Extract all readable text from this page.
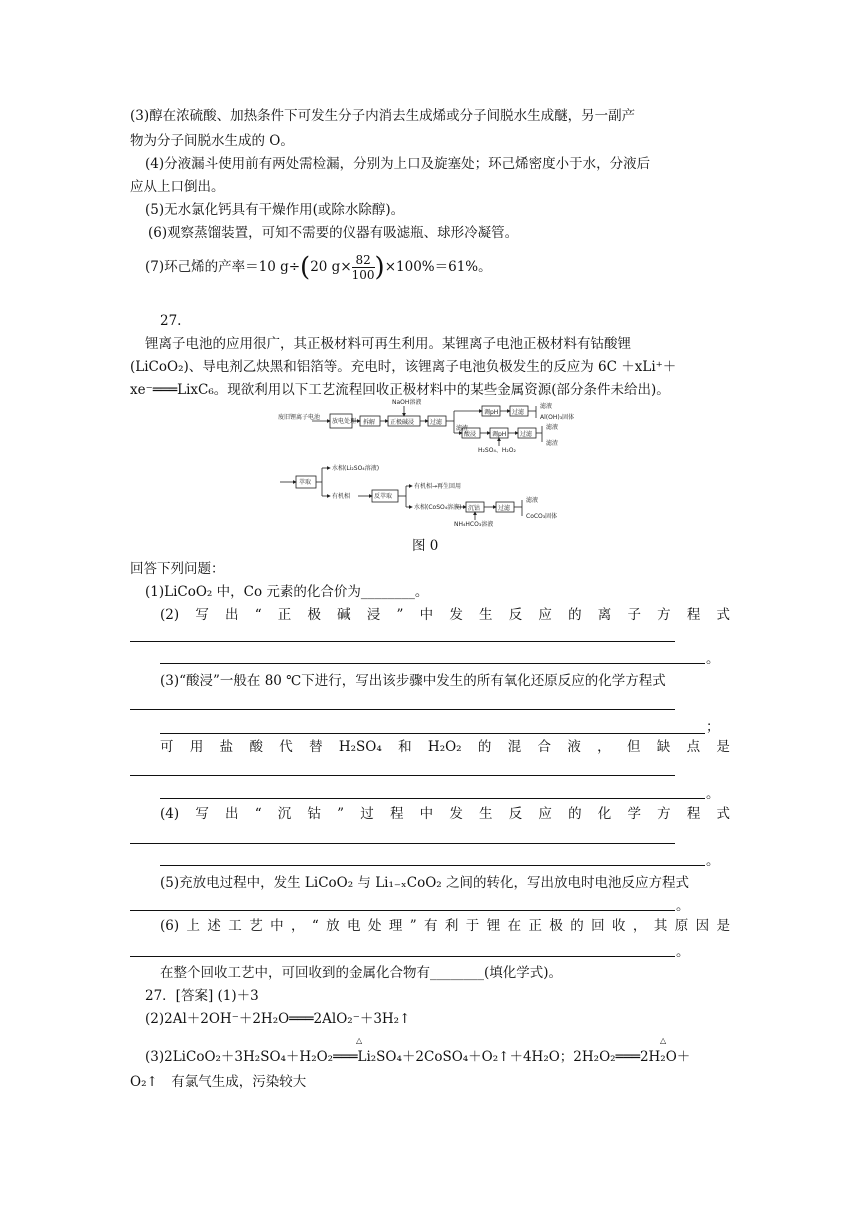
(3)醇在浓硫酸、加热条件下可发生分子内消去生成烯或分子间脱水生成醚，另一副产
物为分子间脱水生成的 O。
(4)分液漏斗使用前有两处需检漏，分别为上口及旋塞处；环己烯密度小于水，分液后
应从上口倒出。
(5)无水氯化钙具有干燥作用(或除水除醇)。
(6)观察蒸馏装置，可知不需要的仪器有吸滤瓶、球形冷凝管。
(7)环己烯的产率＝10 g÷(20 $g\times \frac{82}{100})\times 100\%=61\%$。
27.
锂离子电池的应用很广，其正极材料可再生利用。某锂离子电池正极材料有钴酸锂
(LiCoO₂)、导电剂乙炔黑和铝箔等。充电时，该锂离子电池负极发生的反应为 6C ＋xLi⁺＋
xe⁻═══LixC₆。现欲利用以下工艺流程回收正极材料中的某些金属资源(部分条件未给出)。
废旧锂离子电池
放电处理 拆解 正极碱浸	过滤
NaOH溶液
调pH 过滤
滤液
Al(OH)₃固体
滤渣
酸浸	调pH 过滤
滤液
滤渣
H₂SO₄、H₂O₂
萃取
水相(Li₂SO₄溶液)
有机相	反萃取
有机相→再生回用
水相(CoSO₄溶液) 沉钴	过滤
滤液
CoCO₃固体
NH₄HCO₃溶液
图 0
回答下列问题：
(1)LiCoO₂ 中，Co 元素的化合价为________。
(2) 写 出 “ 正 极 碱 浸 ” 中 发 生 反 应 的 离 子 方 程 式
。
(3)“酸浸”一般在 80 ℃下进行，写出该步骤中发生的所有氧化还原反应的化学方程式
；
可 用 盐 酸 代 替 H₂SO₄ 和 H₂O₂ 的 混 合 液 ， 但 缺 点 是
。
(4) 写 出 “ 沉 钴 ” 过 程 中 发 生 反 应 的 化 学 方 程 式
。
(5)充放电过程中，发生 LiCoO₂ 与 Li₁₋ₓCoO₂ 之间的转化，写出放电时电池反应方程式
。
(6) 上 述 工 艺 中 ， “ 放 电 处 理 ” 有 利 于 锂 在 正 极 的 回 收 ， 其 原 因 是
。
在整个回收工艺中，可回收到的金属化合物有________(填化学式)。
27．[答案] (1)＋3
(2)2Al＋2OH⁻＋2H₂O═══2AlO₂⁻＋3H₂↑
(3)2LiCoO₂＋3H₂SO₄＋H₂O₂═══Li₂SO₄＋2CoSO₄＋O₂↑＋4H₂O；2H₂O₂═══2H₂O＋
△	△
O₂↑　有氯气生成，污染较大
